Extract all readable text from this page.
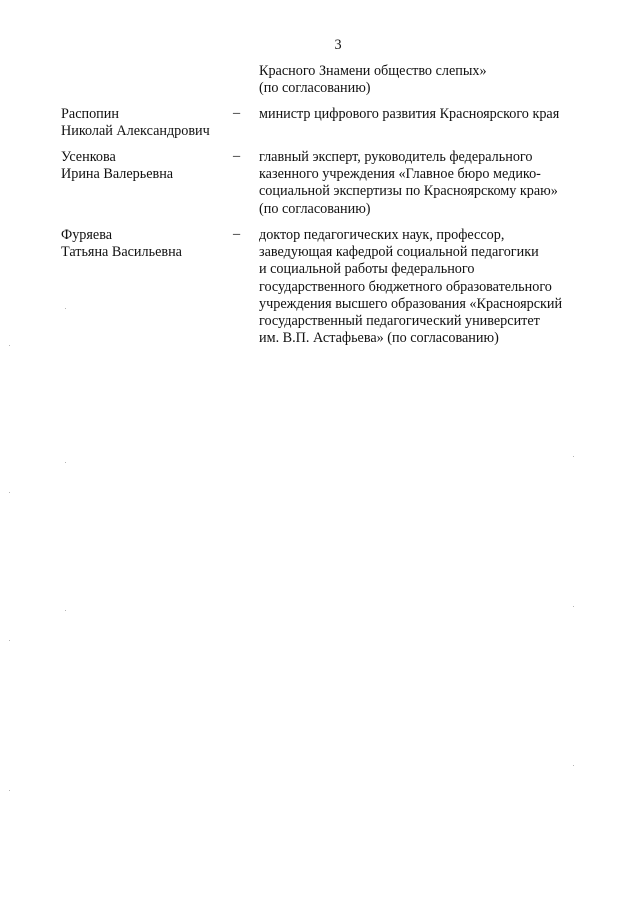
3
Красного Знамени общество слепых»
(по согласованию)
Распопин
Николай Александрович
– министр цифрового развития Красноярского края
Усенкова
Ирина Валерьевна
– главный эксперт, руководитель федерального
казенного учреждения «Главное бюро медико-
социальной экспертизы по Красноярскому краю»
(по согласованию)
Фуряева
Татьяна Васильевна
– доктор педагогических наук, профессор,
заведующая кафедрой социальной педагогики
и социальной работы федерального
государственного бюджетного образовательного
учреждения высшего образования «Красноярский
государственный педагогический университет
им. В.П. Астафьева» (по согласованию)
